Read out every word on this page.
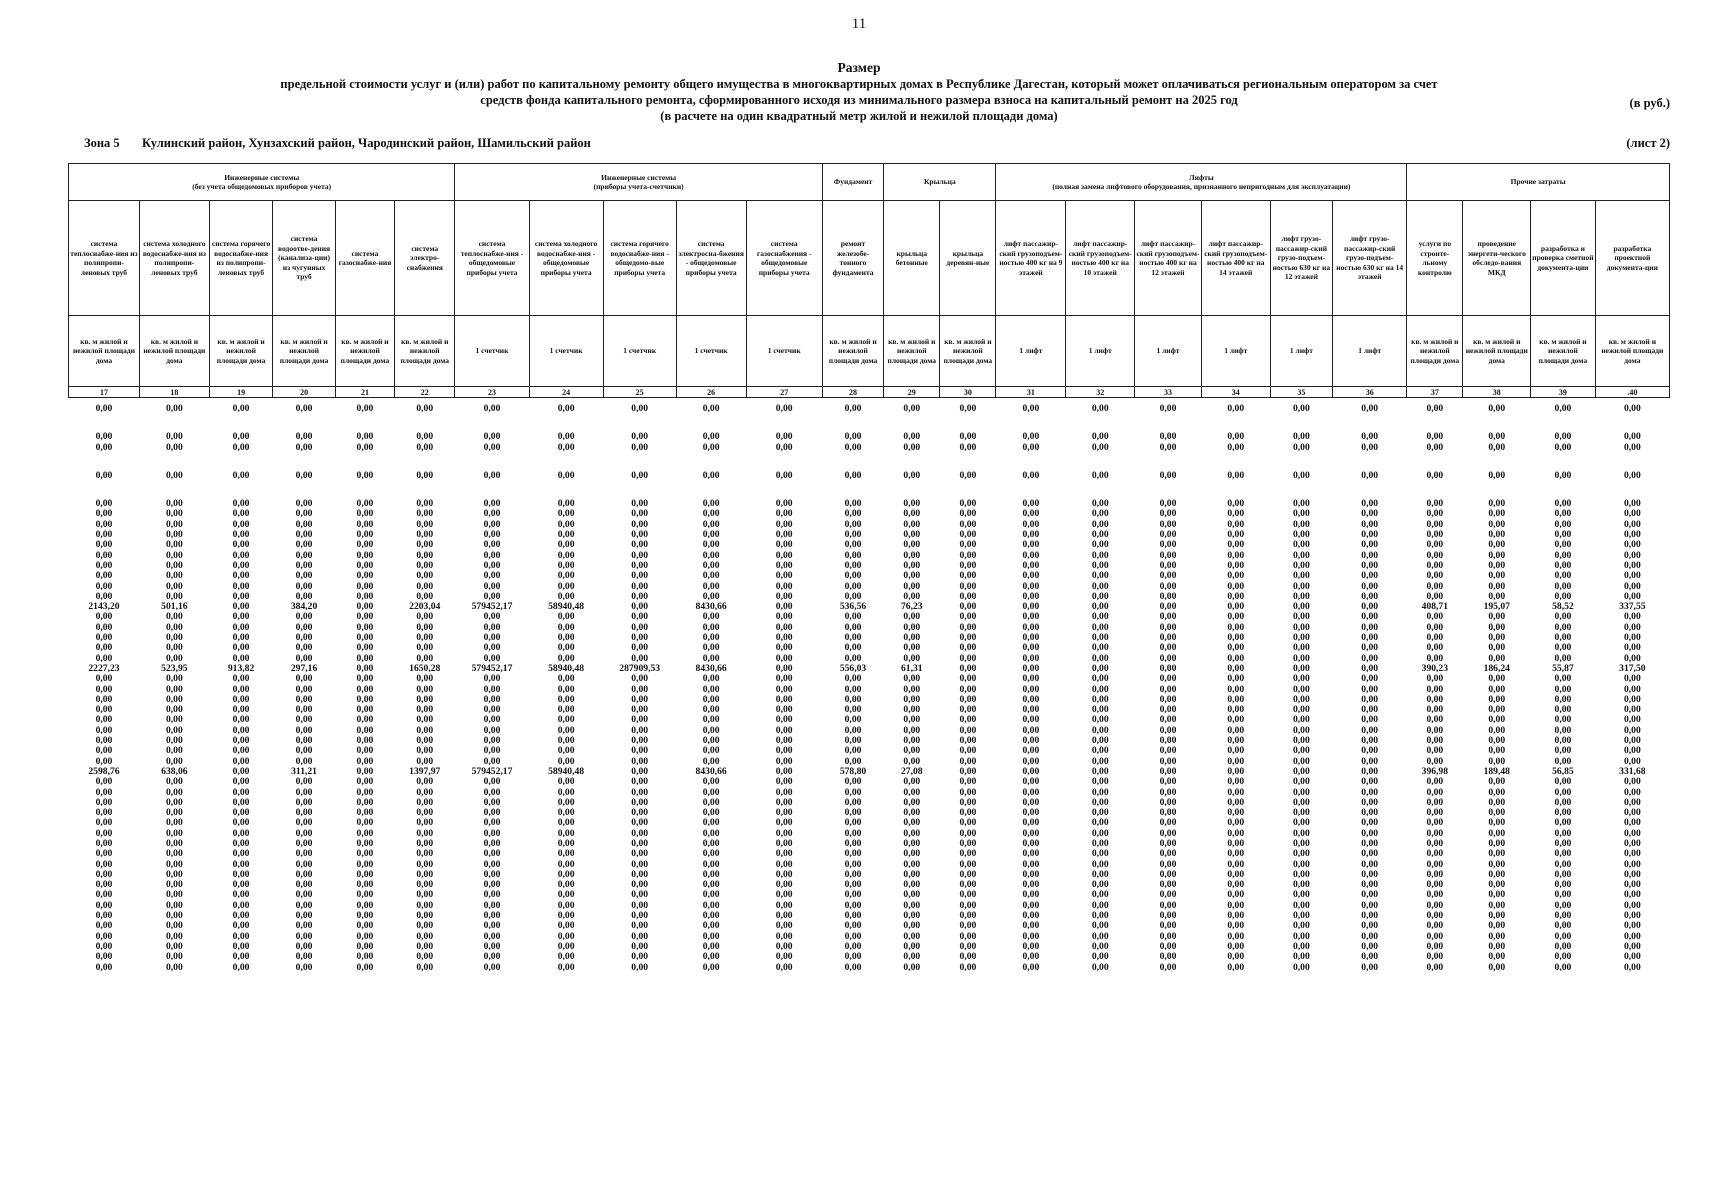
11
Размер
предельной стоимости услуг и (или) работ по капитальному ремонту общего имущества в многоквартирных домах в Республике Дагестан, который может оплачиваться региональным оператором за счет
средств фонда капитального ремонта, сформированного исходя из минимального размера взноса на капитальный ремонт на 2025 год
(в расчете на один квадратный метр жилой и нежилой площади дома)
(в руб.)
Зона 5 Кулинский район, Хунзахский район, Чародинский район, Шамильский район	(лист 2)
Инженерные системы
(без учета общедомовых приборов учета)						Инженерные системы
(приборы учета-счетчики)					Фундамент	Крыльца		Лифты
(полная замена лифтового оборудования, признанного непригодным для эксплуатации)						Прочие затраты			
система теплоснабже-ния из полипропи-леновых труб	система холодного водоснабже-ния из полипропи-леновых труб	система горячего водоснабже-ния из полипропи-леновых труб	система водоотве-дения (канализа-ции) из чугунных труб	система газоснабже-ния	система электро-снабжения	система теплоснабже-ния - общедомовые приборы учета	система холодного водоснабже-ния - общедомовые приборы учета	система горячего водоснабже-ния - общедомо-вые приборы учета	система электросна-бжения - общедомовые приборы учета	система газоснабжения - общедомовые приборы учета	ремонт железобе-тонного фундамента	крыльца бетонные	крыльца деревян-ные	лифт пассажир-ский грузоподъем-ностью 400 кг на 9 этажей	лифт пассажир-ский грузоподъем-ностью 400 кг на 10 этажей	лифт пассажир-ский грузоподъем-ностью 400 кг на 12 этажей	лифт пассажир-ский грузоподъем-ностью 400 кг на 14 этажей	лифт грузо-пассажир-ский грузо-подъем-ностью 630 кг на 12 этажей	лифт грузо-пассажир-ский грузо-подъем-ностью 630 кг на 14 этажей	услуги по строите-льному контролю	проведение энергети-ческого обследо-вания МКД	разработка и проверка сметной документа-ции	разработка проектной документа-ции
кв. м жилой и нежилой площади дома	кв. м жилой и нежилой площади дома	кв. м жилой и нежилой площади дома	кв. м жилой и нежилой площади дома	кв. м жилой и нежилой площади дома	кв. м жилой и нежилой площади дома	1 счетчик	1 счетчик	1 счетчик	1 счетчик	1 счетчик	кв. м жилой и нежилой площади дома	кв. м жилой и нежилой площади дома	кв. м жилой и нежилой площади дома	1 лифт	1 лифт	1 лифт	1 лифт	1 лифт	1 лифт	кв. м жилой и нежилой площади дома	кв. м жилой и нежилой площади дома	кв. м жилой и нежилой площади дома	кв. м жилой и нежилой площади дома
17	18	19	20	21	22	23	24	25	26	27	28	29	30	31	32	33	34	35	36	37	38	39	.40
0,00	0,00	0,00	0,00	0,00	0,00	0,00	0,00	0,00	0,00	0,00	0,00	0,00	0,00	0,00	0,00	0,00	0,00	0,00	0,00	0,00	0,00	0,00	0,00

0,00	0,00	0,00	0,00	0,00	0,00	0,00	0,00	0,00	0,00	0,00	0,00	0,00	0,00	0,00	0,00	0,00	0,00	0,00	0,00	0,00	0,00	0,00	0,00
0,00	0,00	0,00	0,00	0,00	0,00	0,00	0,00	0,00	0,00	0,00	0,00	0,00	0,00	0,00	0,00	0,00	0,00	0,00	0,00	0,00	0,00	0,00	0,00

0,00	0,00	0,00	0,00	0,00	0,00	0,00	0,00	0,00	0,00	0,00	0,00	0,00	0,00	0,00	0,00	0,00	0,00	0,00	0,00	0,00	0,00	0,00	0,00

0,00	0,00	0,00	0,00	0,00	0,00	0,00	0,00	0,00	0,00	0,00	0,00	0,00	0,00	0,00	0,00	0,00	0,00	0,00	0,00	0,00	0,00	0,00	0,00
0,00	0,00	0,00	0,00	0,00	0,00	0,00	0,00	0,00	0,00	0,00	0,00	0,00	0,00	0,00	0,00	0,00	0,00	0,00	0,00	0,00	0,00	0,00	0,00
0,00	0,00	0,00	0,00	0,00	0,00	0,00	0,00	0,00	0,00	0,00	0,00	0,00	0,00	0,00	0,00	0,00	0,00	0,00	0,00	0,00	0,00	0,00	0,00
0,00	0,00	0,00	0,00	0,00	0,00	0,00	0,00	0,00	0,00	0,00	0,00	0,00	0,00	0,00	0,00	0,00	0,00	0,00	0,00	0,00	0,00	0,00	0,00
0,00	0,00	0,00	0,00	0,00	0,00	0,00	0,00	0,00	0,00	0,00	0,00	0,00	0,00	0,00	0,00	0,00	0,00	0,00	0,00	0,00	0,00	0,00	0,00
0,00	0,00	0,00	0,00	0,00	0,00	0,00	0,00	0,00	0,00	0,00	0,00	0,00	0,00	0,00	0,00	0,00	0,00	0,00	0,00	0,00	0,00	0,00	0,00
0,00	0,00	0,00	0,00	0,00	0,00	0,00	0,00	0,00	0,00	0,00	0,00	0,00	0,00	0,00	0,00	0,00	0,00	0,00	0,00	0,00	0,00	0,00	0,00
0,00	0,00	0,00	0,00	0,00	0,00	0,00	0,00	0,00	0,00	0,00	0,00	0,00	0,00	0,00	0,00	0,00	0,00	0,00	0,00	0,00	0,00	0,00	0,00
0,00	0,00	0,00	0,00	0,00	0,00	0,00	0,00	0,00	0,00	0,00	0,00	0,00	0,00	0,00	0,00	0,00	0,00	0,00	0,00	0,00	0,00	0,00	0,00
0,00	0,00	0,00	0,00	0,00	0,00	0,00	0,00	0,00	0,00	0,00	0,00	0,00	0,00	0,00	0,00	0,00	0,00	0,00	0,00	0,00	0,00	0,00	0,00
2143,20	501,16	0,00	384,20	0,00	2203,04	579452,17	58940,48	0,00	8430,66	0,00	536,56	76,23	0,00	0,00	0,00	0,00	0,00	0,00	0,00	408,71	195,07	58,52	337,55
0,00	0,00	0,00	0,00	0,00	0,00	0,00	0,00	0,00	0,00	0,00	0,00	0,00	0,00	0,00	0,00	0,00	0,00	0,00	0,00	0,00	0,00	0,00	0,00
0,00	0,00	0,00	0,00	0,00	0,00	0,00	0,00	0,00	0,00	0,00	0,00	0,00	0,00	0,00	0,00	0,00	0,00	0,00	0,00	0,00	0,00	0,00	0,00
0,00	0,00	0,00	0,00	0,00	0,00	0,00	0,00	0,00	0,00	0,00	0,00	0,00	0,00	0,00	0,00	0,00	0,00	0,00	0,00	0,00	0,00	0,00	0,00
0,00	0,00	0,00	0,00	0,00	0,00	0,00	0,00	0,00	0,00	0,00	0,00	0,00	0,00	0,00	0,00	0,00	0,00	0,00	0,00	0,00	0,00	0,00	0,00
0,00	0,00	0,00	0,00	0,00	0,00	0,00	0,00	0,00	0,00	0,00	0,00	0,00	0,00	0,00	0,00	0,00	0,00	0,00	0,00	0,00	0,00	0,00	0,00
2227,23	523,95	913,82	297,16	0,00	1650,28	579452,17	58940,48	287909,53	8430,66	0,00	556,03	61,31	0,00	0,00	0,00	0,00	0,00	0,00	0,00	390,23	186,24	55,87	317,50
0,00	0,00	0,00	0,00	0,00	0,00	0,00	0,00	0,00	0,00	0,00	0,00	0,00	0,00	0,00	0,00	0,00	0,00	0,00	0,00	0,00	0,00	0,00	0,00
0,00	0,00	0,00	0,00	0,00	0,00	0,00	0,00	0,00	0,00	0,00	0,00	0,00	0,00	0,00	0,00	0,00	0,00	0,00	0,00	0,00	0,00	0,00	0,00
0,00	0,00	0,00	0,00	0,00	0,00	0,00	0,00	0,00	0,00	0,00	0,00	0,00	0,00	0,00	0,00	0,00	0,00	0,00	0,00	0,00	0,00	0,00	0,00
0,00	0,00	0,00	0,00	0,00	0,00	0,00	0,00	0,00	0,00	0,00	0,00	0,00	0,00	0,00	0,00	0,00	0,00	0,00	0,00	0,00	0,00	0,00	0,00
0,00	0,00	0,00	0,00	0,00	0,00	0,00	0,00	0,00	0,00	0,00	0,00	0,00	0,00	0,00	0,00	0,00	0,00	0,00	0,00	0,00	0,00	0,00	0,00
0,00	0,00	0,00	0,00	0,00	0,00	0,00	0,00	0,00	0,00	0,00	0,00	0,00	0,00	0,00	0,00	0,00	0,00	0,00	0,00	0,00	0,00	0,00	0,00
0,00	0,00	0,00	0,00	0,00	0,00	0,00	0,00	0,00	0,00	0,00	0,00	0,00	0,00	0,00	0,00	0,00	0,00	0,00	0,00	0,00	0,00	0,00	0,00
0,00	0,00	0,00	0,00	0,00	0,00	0,00	0,00	0,00	0,00	0,00	0,00	0,00	0,00	0,00	0,00	0,00	0,00	0,00	0,00	0,00	0,00	0,00	0,00
0,00	0,00	0,00	0,00	0,00	0,00	0,00	0,00	0,00	0,00	0,00	0,00	0,00	0,00	0,00	0,00	0,00	0,00	0,00	0,00	0,00	0,00	0,00	0,00
2598,76	638,06	0,00	311,21	0,00	1397,97	579452,17	58940,48	0,00	8430,66	0,00	578,80	27,08	0,00	0,00	0,00	0,00	0,00	0,00	0,00	396,98	189,48	56,85	331,68
0,00	0,00	0,00	0,00	0,00	0,00	0,00	0,00	0,00	0,00	0,00	0,00	0,00	0,00	0,00	0,00	0,00	0,00	0,00	0,00	0,00	0,00	0,00	0,00
0,00	0,00	0,00	0,00	0,00	0,00	0,00	0,00	0,00	0,00	0,00	0,00	0,00	0,00	0,00	0,00	0,00	0,00	0,00	0,00	0,00	0,00	0,00	0,00
0,00	0,00	0,00	0,00	0,00	0,00	0,00	0,00	0,00	0,00	0,00	0,00	0,00	0,00	0,00	0,00	0,00	0,00	0,00	0,00	0,00	0,00	0,00	0,00
0,00	0,00	0,00	0,00	0,00	0,00	0,00	0,00	0,00	0,00	0,00	0,00	0,00	0,00	0,00	0,00	0,00	0,00	0,00	0,00	0,00	0,00	0,00	0,00
0,00	0,00	0,00	0,00	0,00	0,00	0,00	0,00	0,00	0,00	0,00	0,00	0,00	0,00	0,00	0,00	0,00	0,00	0,00	0,00	0,00	0,00	0,00	0,00
0,00	0,00	0,00	0,00	0,00	0,00	0,00	0,00	0,00	0,00	0,00	0,00	0,00	0,00	0,00	0,00	0,00	0,00	0,00	0,00	0,00	0,00	0,00	0,00
0,00	0,00	0,00	0,00	0,00	0,00	0,00	0,00	0,00	0,00	0,00	0,00	0,00	0,00	0,00	0,00	0,00	0,00	0,00	0,00	0,00	0,00	0,00	0,00
0,00	0,00	0,00	0,00	0,00	0,00	0,00	0,00	0,00	0,00	0,00	0,00	0,00	0,00	0,00	0,00	0,00	0,00	0,00	0,00	0,00	0,00	0,00	0,00
0,00	0,00	0,00	0,00	0,00	0,00	0,00	0,00	0,00	0,00	0,00	0,00	0,00	0,00	0,00	0,00	0,00	0,00	0,00	0,00	0,00	0,00	0,00	0,00
0,00	0,00	0,00	0,00	0,00	0,00	0,00	0,00	0,00	0,00	0,00	0,00	0,00	0,00	0,00	0,00	0,00	0,00	0,00	0,00	0,00	0,00	0,00	0,00
0,00	0,00	0,00	0,00	0,00	0,00	0,00	0,00	0,00	0,00	0,00	0,00	0,00	0,00	0,00	0,00	0,00	0,00	0,00	0,00	0,00	0,00	0,00	0,00
0,00	0,00	0,00	0,00	0,00	0,00	0,00	0,00	0,00	0,00	0,00	0,00	0,00	0,00	0,00	0,00	0,00	0,00	0,00	0,00	0,00	0,00	0,00	0,00
0,00	0,00	0,00	0,00	0,00	0,00	0,00	0,00	0,00	0,00	0,00	0,00	0,00	0,00	0,00	0,00	0,00	0,00	0,00	0,00	0,00	0,00	0,00	0,00
0,00	0,00	0,00	0,00	0,00	0,00	0,00	0,00	0,00	0,00	0,00	0,00	0,00	0,00	0,00	0,00	0,00	0,00	0,00	0,00	0,00	0,00	0,00	0,00
0,00	0,00	0,00	0,00	0,00	0,00	0,00	0,00	0,00	0,00	0,00	0,00	0,00	0,00	0,00	0,00	0,00	0,00	0,00	0,00	0,00	0,00	0,00	0,00
0,00	0,00	0,00	0,00	0,00	0,00	0,00	0,00	0,00	0,00	0,00	0,00	0,00	0,00	0,00	0,00	0,00	0,00	0,00	0,00	0,00	0,00	0,00	0,00
0,00	0,00	0,00	0,00	0,00	0,00	0,00	0,00	0,00	0,00	0,00	0,00	0,00	0,00	0,00	0,00	0,00	0,00	0,00	0,00	0,00	0,00	0,00	0,00
0,00	0,00	0,00	0,00	0,00	0,00	0,00	0,00	0,00	0,00	0,00	0,00	0,00	0,00	0,00	0,00	0,00	0,00	0,00	0,00	0,00	0,00	0,00	0,00
0,00	0,00	0,00	0,00	0,00	0,00	0,00	0,00	0,00	0,00	0,00	0,00	0,00	0,00	0,00	0,00	0,00	0,00	0,00	0,00	0,00	0,00	0,00	0,00
